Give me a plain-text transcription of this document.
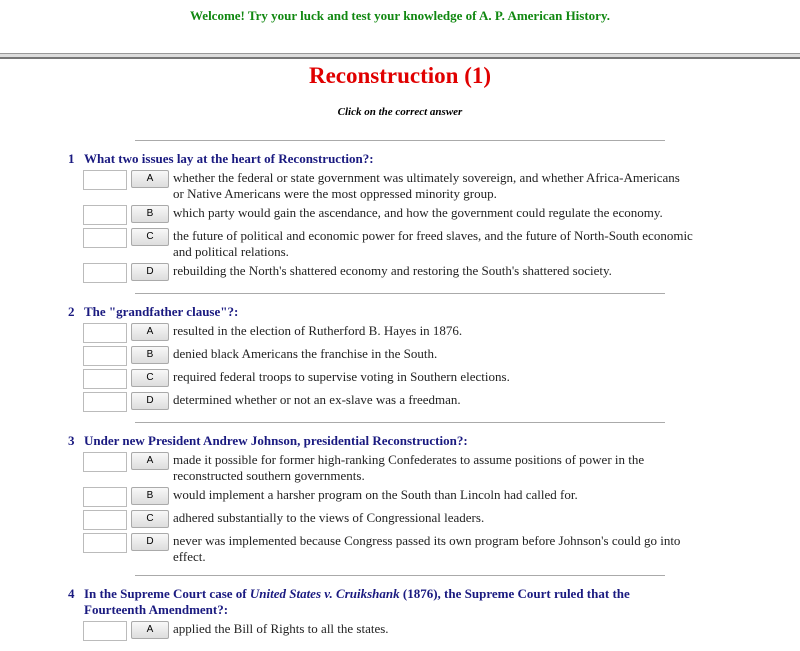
Welcome! Try your luck and test your knowledge of A. P. American History.
Reconstruction (1)
Click on the correct answer
1 What two issues lay at the heart of Reconstruction?:
A	whether the federal or state government was ultimately sovereign, and whether Africa-Americans or Native Americans were the most oppressed minority group.
B	which party would gain the ascendance, and how the government could regulate the economy.
C	the future of political and economic power for freed slaves, and the future of North-South economic and political relations.
D	rebuilding the North's shattered economy and restoring the South's shattered society.
2 The "grandfather clause"?:
A	resulted in the election of Rutherford B. Hayes in 1876.
B	denied black Americans the franchise in the South.
C	required federal troops to supervise voting in Southern elections.
D	determined whether or not an ex-slave was a freedman.
3 Under new President Andrew Johnson, presidential Reconstruction?:
A	made it possible for former high-ranking Confederates to assume positions of power in the reconstructed southern governments.
B	would implement a harsher program on the South than Lincoln had called for.
C	adhered substantially to the views of Congressional leaders.
D	never was implemented because Congress passed its own program before Johnson's could go into effect.
4 In the Supreme Court case of United States v. Cruikshank (1876), the Supreme Court ruled that the Fourteenth Amendment?:
A	applied the Bill of Rights to all the states.
